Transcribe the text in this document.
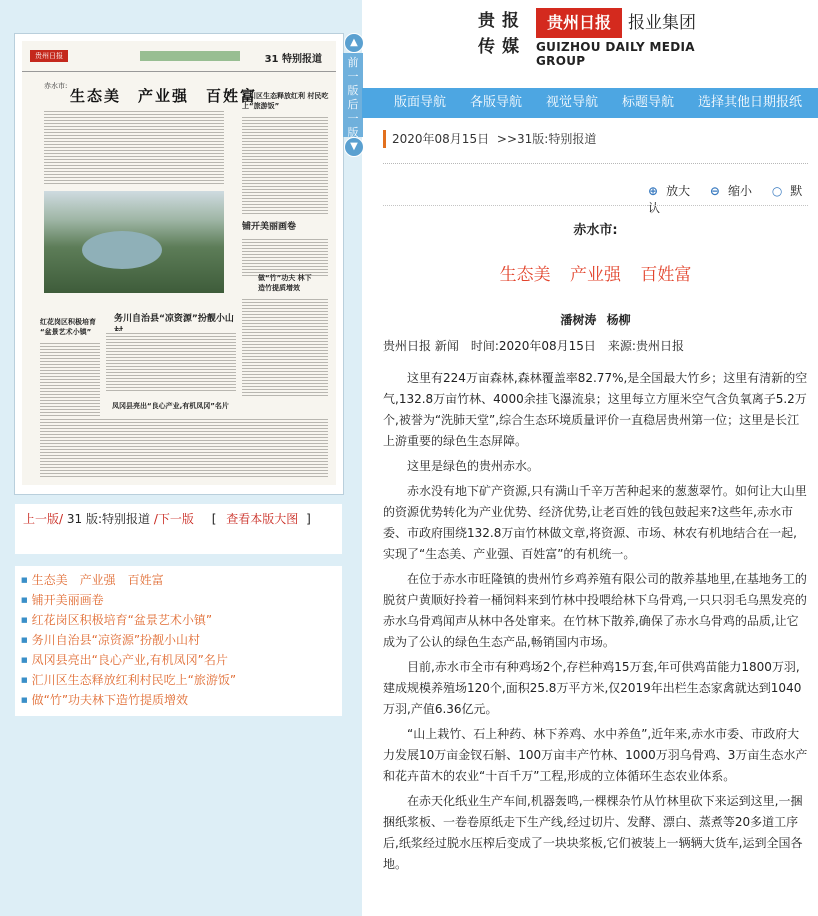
贵州日报	31 特别报道
赤水市:
生态美　产业强　百姓富
汇川区生态释放红利 村民吃上“旅游饭”
铺开美丽画卷
做“竹”功夫 林下造竹提质增效
红花岗区积极培育 “盆景艺术小镇”
务川自治县“凉资源”扮靓小山
凤冈县亮出“良心产业,有机凤冈”名片
▲
前一版
后一版
▼
上一版/ 31 版:特别报道 /下一版 [ 查看本版大图 ]
■ 生态美　产业强　百姓富
■ 铺开美丽画卷
■ 红花岗区积极培育“盆景艺术小镇”
■ 务川自治县“凉资源”扮靓小山村
■ 凤冈县亮出“良心产业,有机凤冈”名片
■ 汇川区生态释放红利村民吃上“旅游饭”
■ 做“竹”功夫林下造竹提质增效
贵 报
传 媒
贵州日报	报业集团
GUIZHOU DAILY MEDIA GROUP
版面导航 各版导航 视觉导航 标题导航 选择其他日期报纸
2020年08月15日 >>31版:特别报道
⊕ 放大 ⊖ 缩小 ○ 默认
赤水市:
生态美 产业强 百姓富
潘树涛 杨柳
贵州日报 新闻　时间:2020年08月15日　来源:贵州日报

这里有224万亩森林,森林覆盖率82.77%,是全国最大竹乡；这里有清新的空气,132.8万亩竹林、4000余挂飞瀑流泉；这里每立方厘米空气含负氧离子5.2万个,被誉为“洗肺天堂”,综合生态环境质量评价一直稳居贵州第一位；这里是长江上游重要的绿色生态屏障。

这里是绿色的贵州赤水。

赤水没有地下矿产资源,只有满山千辛万苦种起来的葱葱翠竹。如何让大山里的资源优势转化为产业优势、经济优势,让老百姓的钱包鼓起来?这些年,赤水市委、市政府围绕132.8万亩竹林做文章,将资源、市场、林农有机地结合在一起,实现了“生态美、产业强、百姓富”的有机统一。

在位于赤水市旺隆镇的贵州竹乡鸡养殖有限公司的散养基地里,在基地务工的脱贫户黄顺好拎着一桶饲料来到竹林中投喂给林下乌骨鸡,一只只羽毛乌黑发亮的赤水乌骨鸡闻声从林中各处窜来。在竹林下散养,确保了赤水乌骨鸡的品质,让它成为了公认的绿色生态产品,畅销国内市场。

目前,赤水市全市有种鸡场2个,存栏种鸡15万套,年可供鸡苗能力1800万羽,建成规模养殖场120个,面积25.8万平方米,仅2019年出栏生态家禽就达到1040万羽,产值6.36亿元。

“山上栽竹、石上种药、林下养鸡、水中养鱼”,近年来,赤水市委、市政府大力发展10万亩金钗石斛、100万亩丰产竹林、1000万羽乌骨鸡、3万亩生态水产和花卉苗木的农业“十百千万”工程,形成的立体循环生态农业体系。

在赤天化纸业生产车间,机器轰鸣,一棵棵杂竹从竹林里砍下来运到这里,一捆捆纸浆板、一卷卷原纸走下生产线,经过切片、发酵、漂白、蒸煮等20多道工序后,纸浆经过脱水压榨后变成了一块块浆板,它们被装上一辆辆大货车,运到全国各地。
